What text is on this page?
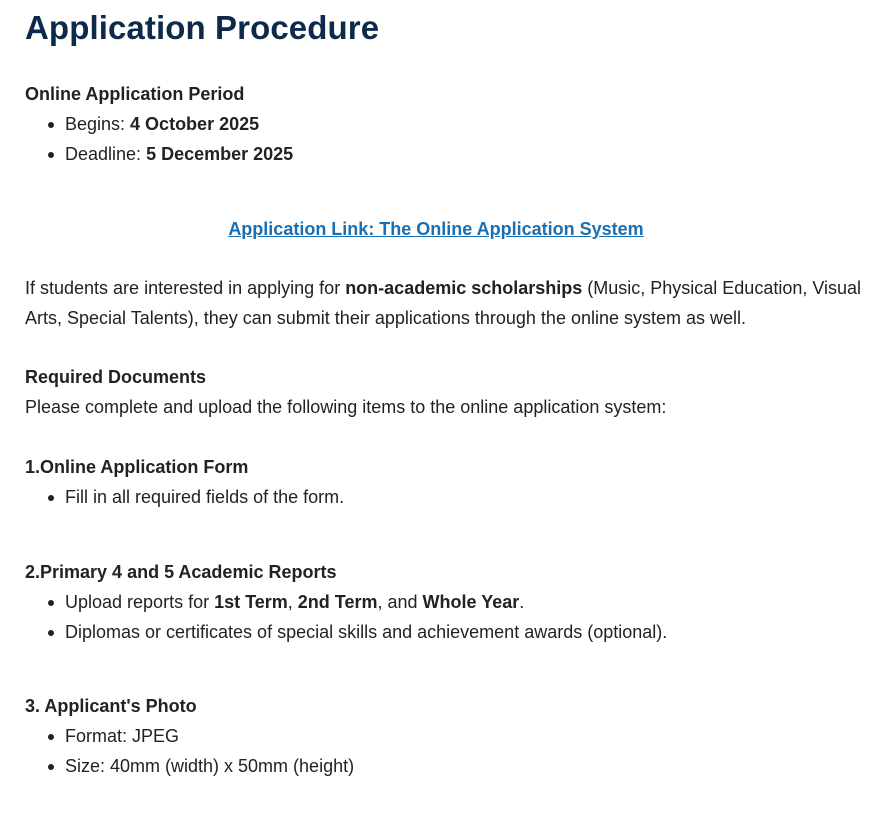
Application Procedure
Online Application Period
Begins: 4 October 2025
Deadline: 5 December 2025
Application Link: The Online Application System
If students are interested in applying for non-academic scholarships (Music, Physical Education, Visual Arts, Special Talents), they can submit their applications through the online system as well.
Required Documents
Please complete and upload the following items to the online application system:
1.Online Application Form
Fill in all required fields of the form.
2.Primary 4 and 5 Academic Reports
Upload reports for 1st Term, 2nd Term, and Whole Year.
Diplomas or certificates of special skills and achievement awards (optional).
3. Applicant's Photo
Format: JPEG
Size: 40mm (width) x 50mm (height)
